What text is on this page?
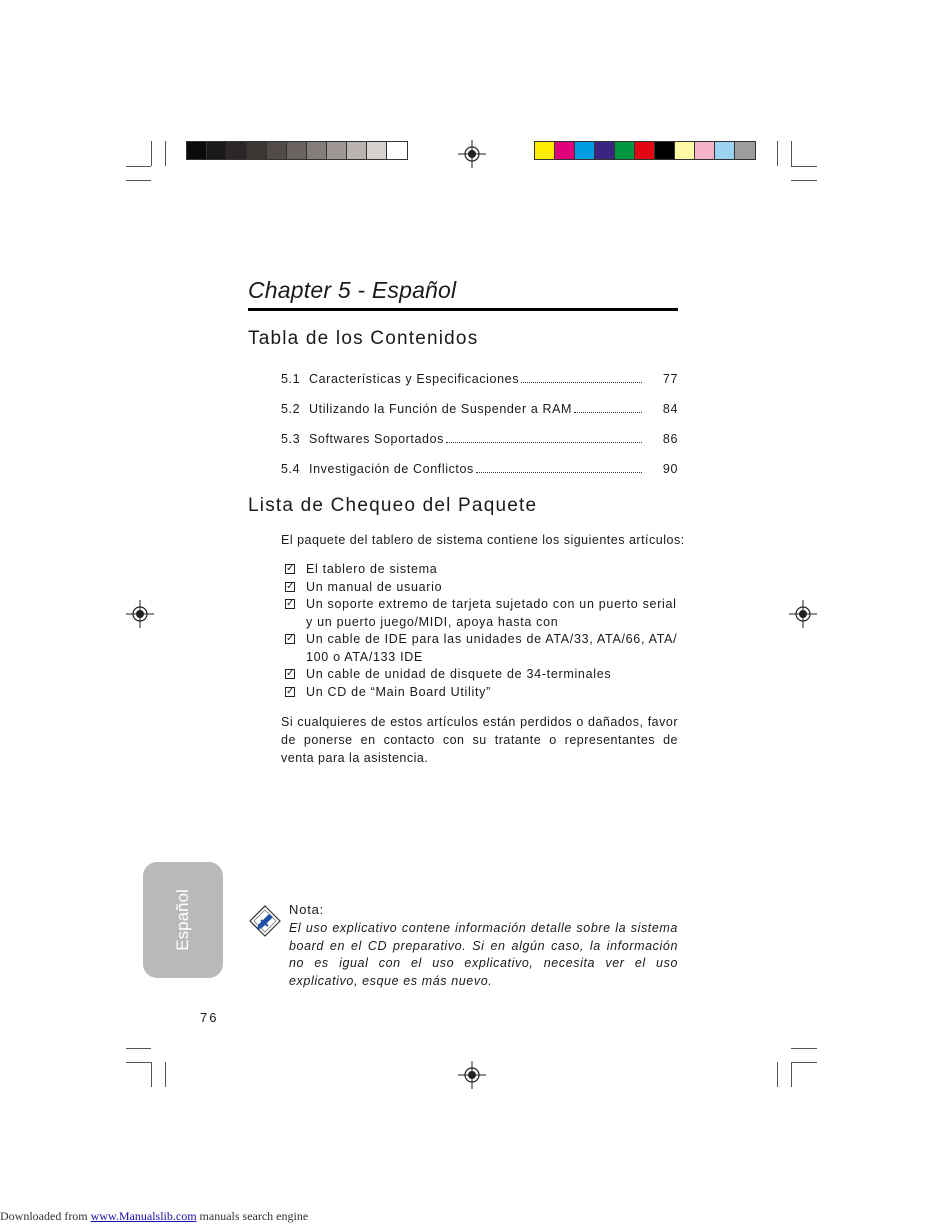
Chapter 5 - Español
Tabla de los Contenidos
5.1 Características y Especificaciones	77
5.2 Utilizando la Función de Suspender a RAM	84
5.3 Softwares Soportados	86
5.4 Investigación de Conflictos	90
Lista de Chequeo del Paquete
El paquete del tablero de sistema contiene los siguientes artículos:
✓ El tablero de sistema
✓ Un manual de usuario
✓ Un soporte extremo de tarjeta sujetado con un puerto serial y un puerto juego/MIDI, apoya hasta con
✓ Un cable de IDE para las unidades de ATA/33, ATA/66, ATA/ 100 o ATA/133 IDE
✓ Un cable de unidad de disquete de 34-terminales
✓ Un CD de “Main Board Utility”
Si cualquieres de estos artículos están perdidos o dañados, favor de ponerse en contacto con su tratante o representantes de venta para la asistencia.
Español	Nota:
El uso explicativo contene información detalle sobre la sistema board en el CD preparativo. Si en algún caso, la información no es igual con el uso explicativo, necesita ver el uso explicativo, esque es más nuevo.
76
Downloaded from www.Manualslib.com manuals search engine
